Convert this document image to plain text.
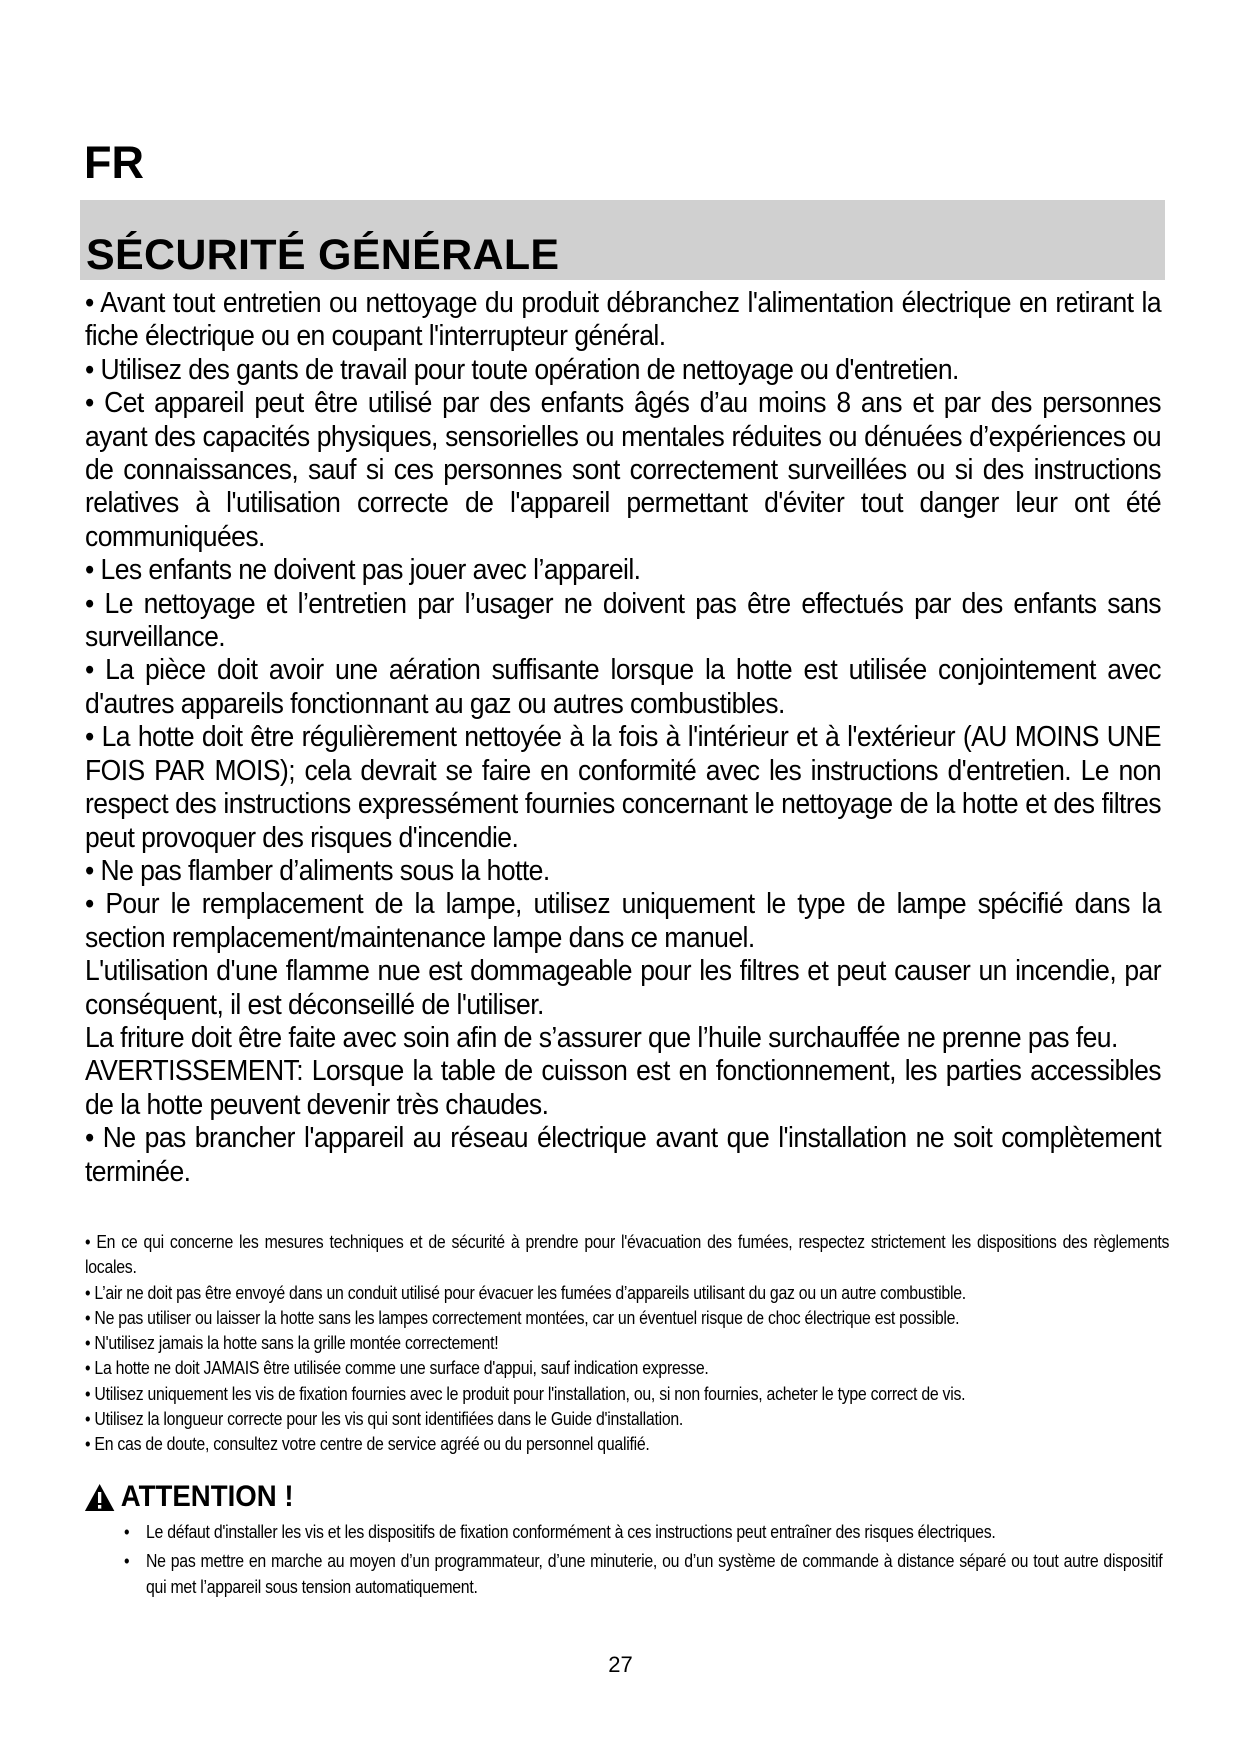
FR
SÉCURITÉ GÉNÉRALE

• Avant tout entretien ou nettoyage du produit débranchez l'alimentation électrique en retirant la fiche électrique ou en coupant l'interrupteur général.

• Utilisez des gants de travail pour toute opération de nettoyage ou d'entretien.

• Cet appareil peut être utilisé par des enfants âgés d’au moins 8 ans et par des personnes ayant des capacités physiques, sensorielles ou mentales réduites ou dénuées d’expériences ou de connaissances, sauf si ces personnes sont correctement surveillées ou si des instructions relatives à l'utilisation correcte de l'appareil permettant d'éviter tout danger leur ont été communiquées.

• Les enfants ne doivent pas jouer avec l’appareil.

• Le nettoyage et l’entretien par l’usager ne doivent pas être effectués par des enfants sans surveillance.

• La pièce doit avoir une aération suffisante lorsque la hotte est utilisée conjointement avec d'autres appareils fonctionnant au gaz ou autres combustibles.

• La hotte doit être régulièrement nettoyée à la fois à l'intérieur et à l'extérieur (AU MOINS UNE FOIS PAR MOIS); cela devrait se faire en conformité avec les instructions d'entretien. Le non respect des instructions expressément fournies concernant le nettoyage de la hotte et des filtres peut provoquer des risques d'incendie.

• Ne pas flamber d’aliments sous la hotte.

• Pour le remplacement de la lampe, utilisez uniquement le type de lampe spécifié dans la section remplacement/maintenance lampe dans ce manuel.

L'utilisation d'une flamme nue est dommageable pour les filtres et peut causer un incendie, par conséquent, il est déconseillé de l'utiliser.

La friture doit être faite avec soin afin de s’assurer que l’huile surchauffée ne prenne pas feu.

AVERTISSEMENT: Lorsque la table de cuisson est en fonctionnement, les parties accessibles de la hotte peuvent devenir très chaudes.

• Ne pas brancher l'appareil au réseau électrique avant que l'installation ne soit complètement terminée.

• En ce qui concerne les mesures techniques et de sécurité à prendre pour l'évacuation des fumées, respectez strictement les dispositions des règlements locales.

• L’air ne doit pas être envoyé dans un conduit utilisé pour évacuer les fumées d’appareils utilisant du gaz ou un autre combustible.

• Ne pas utiliser ou laisser la hotte sans les lampes correctement montées, car un éventuel risque de choc électrique est possible.

• N'utilisez jamais la hotte sans la grille montée correctement!

• La hotte ne doit JAMAIS être utilisée comme une surface d'appui, sauf indication expresse.

• Utilisez uniquement les vis de fixation fournies avec le produit pour l'installation, ou, si non fournies, acheter le type correct de vis.

• Utilisez la longueur correcte pour les vis qui sont identifiées dans le Guide d'installation.

• En cas de doute, consultez votre centre de service agréé ou du personnel qualifié.

ATTENTION !
• Le défaut d'installer les vis et les dispositifs de fixation conformément à ces instructions peut entraîner des risques électriques.
• Ne pas mettre en marche au moyen d’un programmateur, d’une minuterie, ou d’un système de commande à distance séparé ou tout autre dispositif qui met l’appareil sous tension automatiquement.

27
